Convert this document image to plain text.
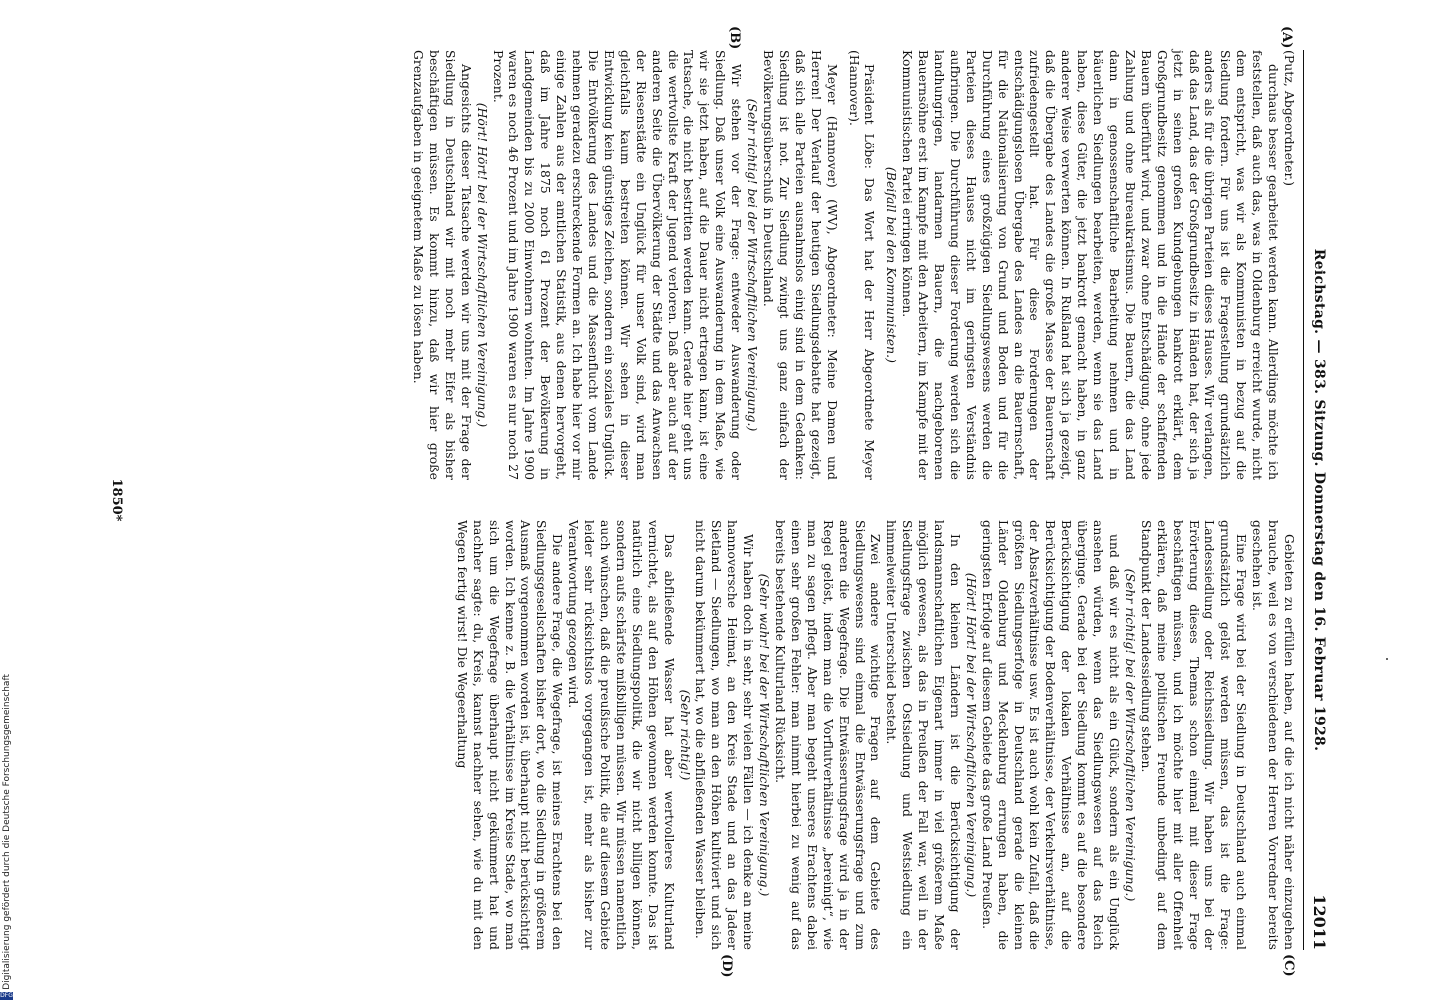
Reichstag. — 383. Sitzung. Donnerstag den 16. Februar 1928.
12011
(A)
(B)
(C)
(D)

(Putz, Abgeordneter.)

durchaus besser gearbeitet werden kann. Allerdings möchte ich feststellen, daß auch das, was in Oldenburg erreicht wurde, nicht dem entspricht, was wir als Kommunisten in bezug auf die Siedlung fordern. Für uns ist die Fragestellung grundsätzlich anders als für die übrigen Parteien dieses Hauses. Wir verlangen, daß das Land, das der Großgrundbesitz in Händen hat, der sich ja jetzt in seinen großen Kundgebungen bankrott erklärt, dem Großgrundbesitz genommen und in die Hände der schaffenden Bauern überführt wird, und zwar ohne Entschädigung, ohne jede Zahlung und ohne Bureaukratismus. Die Bauern, die das Land dann in genossenschaftliche Bearbeitung nehmen und in bäuerlichen Siedlungen bearbeiten, werden, wenn sie das Land haben, diese Güter, die jetzt bankrott gemacht haben, in ganz anderer Weise verwerten können. In Rußland hat sich ja gezeigt, daß die Übergabe des Landes die große Masse der Bauernschaft zufriedengestellt hat. Für diese Forderungen der entschädigungslosen Übergabe des Landes an die Bauernschaft, für die Nationalisierung von Grund und Boden und für die Durchführung eines großzügigen Siedlungswesens werden die Parteien dieses Hauses nicht im geringsten Verständnis aufbringen. Die Durchführung dieser Forderung werden sich die landhungrigen, landarmen Bauern, die nachgeborenen Bauernsöhne erst im Kampfe mit den Arbeitern, im Kampfe mit der Kommunistischen Partei erringen können.

(Beifall bei den Kommunisten.)

Präsident Löbe: Das Wort hat der Herr Abgeordnete Meyer (Hannover).

Meyer (Hannover) (WV), Abgeordneter: Meine Damen und Herren! Der Verlauf der heutigen Siedlungsdebatte hat gezeigt, daß sich alle Parteien ausnahmslos einig sind in dem Gedanken: Siedlung ist not. Zur Siedlung zwingt uns ganz einfach der Bevölkerungsüberschuß in Deutschland.

(Sehr richtig! bei der Wirtschaftlichen Vereinigung.)

Wir stehen vor der Frage: entweder Auswanderung oder Siedlung. Daß unser Volk eine Auswanderung in dem Maße, wie wir sie jetzt haben, auf die Dauer nicht ertragen kann, ist eine Tatsache, die nicht bestritten werden kann. Gerade hier geht uns die wertvollste Kraft der Jugend verloren. Daß aber auch auf der anderen Seite die Übervölkerung der Städte und das Anwachsen der Riesenstädte ein Unglück für unser Volk sind, wird man gleichfalls kaum bestreiten können. Wir sehen in dieser Entwicklung kein günstiges Zeichen, sondern ein soziales Unglück. Die Entvölkerung des Landes und die Massenflucht vom Lande nehmen geradezu erschreckende Formen an. Ich habe hier vor mir einige Zahlen aus der amtlichen Statistik, aus denen hervorgeht, daß im Jahre 1875 noch 61 Prozent der Bevölkerung in Landgemeinden bis zu 2000 Einwohnern wohnten. Im Jahre 1900 waren es noch 46 Prozent und im Jahre 1900 waren es nur noch 27 Prozent.

(Hört! Hört! bei der Wirtschaftlichen Vereinigung.)

Angesichts dieser Tatsache werden wir uns mit der Frage der Siedlung in Deutschland wir mit noch mehr Eifer als bisher beschäftigen müssen. Es kommt hinzu, daß wir hier große Grenzaufgaben in geeignetem Maße zu lösen haben.

Gebieten zu erfüllen haben, auf die ich nicht näher einzugehen brauche, weil es von verschiedenen der Herren Vorredner bereits geschehen ist.

Eine Frage wird bei der Siedlung in Deutschland auch einmal grundsätzlich gelöst werden müssen, das ist die Frage: Landessiedlung oder Reichssiedlung. Wir haben uns bei der Erörterung dieses Themas schon einmal mit dieser Frage beschäftigen müssen, und ich möchte hier mit aller Offenheit erklären, daß meine politischen Freunde unbedingt auf dem Standpunkt der Landessiedlung stehen.

(Sehr richtig! bei der Wirtschaftlichen Vereinigung.)

und daß wir es nicht als ein Glück, sondern als ein Unglück ansehen würden, wenn das Siedlungswesen auf das Reich überginge. Gerade bei der Siedlung kommt es auf die besondere Berücksichtigung der lokalen Verhältnisse an, auf die Berücksichtigung der Bodenverhältnisse, der Verkehrsverhältnisse, der Absatzverhältnisse usw. Es ist auch wohl kein Zufall, daß die größten Siedlungserfolge in Deutschland gerade die kleinen Länder Oldenburg und Mecklenburg errungen haben, die geringsten Erfolge auf diesem Gebiete das große Land Preußen.

(Hört! Hört! bei der Wirtschaftlichen Vereinigung.)

In den kleinen Ländern ist die Berücksichtigung der landsmannschaftlichen Eigenart immer in viel größerem Maße möglich gewesen, als das in Preußen der Fall war, weil in der Siedlungsfrage zwischen Ostsiedlung und Westsiedlung ein himmelweiter Unterschied besteht.

Zwei andere wichtige Fragen auf dem Gebiete des Siedlungswesens sind einmal die Entwässerungsfrage und zum anderen die Wegefrage. Die Entwässerungsfrage wird ja in der Regel gelöst, indem man die Vorflutverhältnisse „bereinigt“, wie man zu sagen pflegt. Aber man begeht unseres Erachtens dabei einen sehr großen Fehler: man nimmt hierbei zu wenig auf das bereits bestehende Kulturland Rücksicht.

(Sehr wahr! bei der Wirtschaftlichen Vereinigung.)

Wir haben doch in sehr, sehr vielen Fällen — ich denke an meine hannoversche Heimat, an den Kreis Stade und an das Jadeer Sietland — Siedlungen, wo man an den Höhen kultiviert und sich nicht darum bekümmert hat, wo die abfließenden Wasser bleiben.

(Sehr richtig!)

Das abfließende Wasser hat aber wertvolleres Kulturland vernichtet, als auf den Höhen gewonnen werden konnte. Das ist natürlich eine Siedlungspolitik, die wir nicht billigen können, sondern aufs schärfste mißbilligen müssen. Wir müssen namentlich auch wünschen, daß die preußische Politik, die auf diesem Gebiete leider sehr rücksichtslos vorgegangen ist, mehr als bisher zur Verantwortung gezogen wird.

Die andere Frage, die Wegefrage, ist meines Erachtens bei den Siedlungsgesellschaften bisher dort, wo die Siedlung in größerem Ausmaß vorgenommen worden ist, überhaupt nicht berücksichtigt worden. Ich kenne z. B. die Verhältnisse im Kreise Stade, wo man sich um die Wegefrage überhaupt nicht gekümmert hat und nachher sagte: du, Kreis, kannst nachher sehen, wie du mit den Wegen fertig wirst! Die Wegeerhaltung

1850*
Digitalisierung gefördert durch die Deutsche Forschungsgemeinschaft
DFG
